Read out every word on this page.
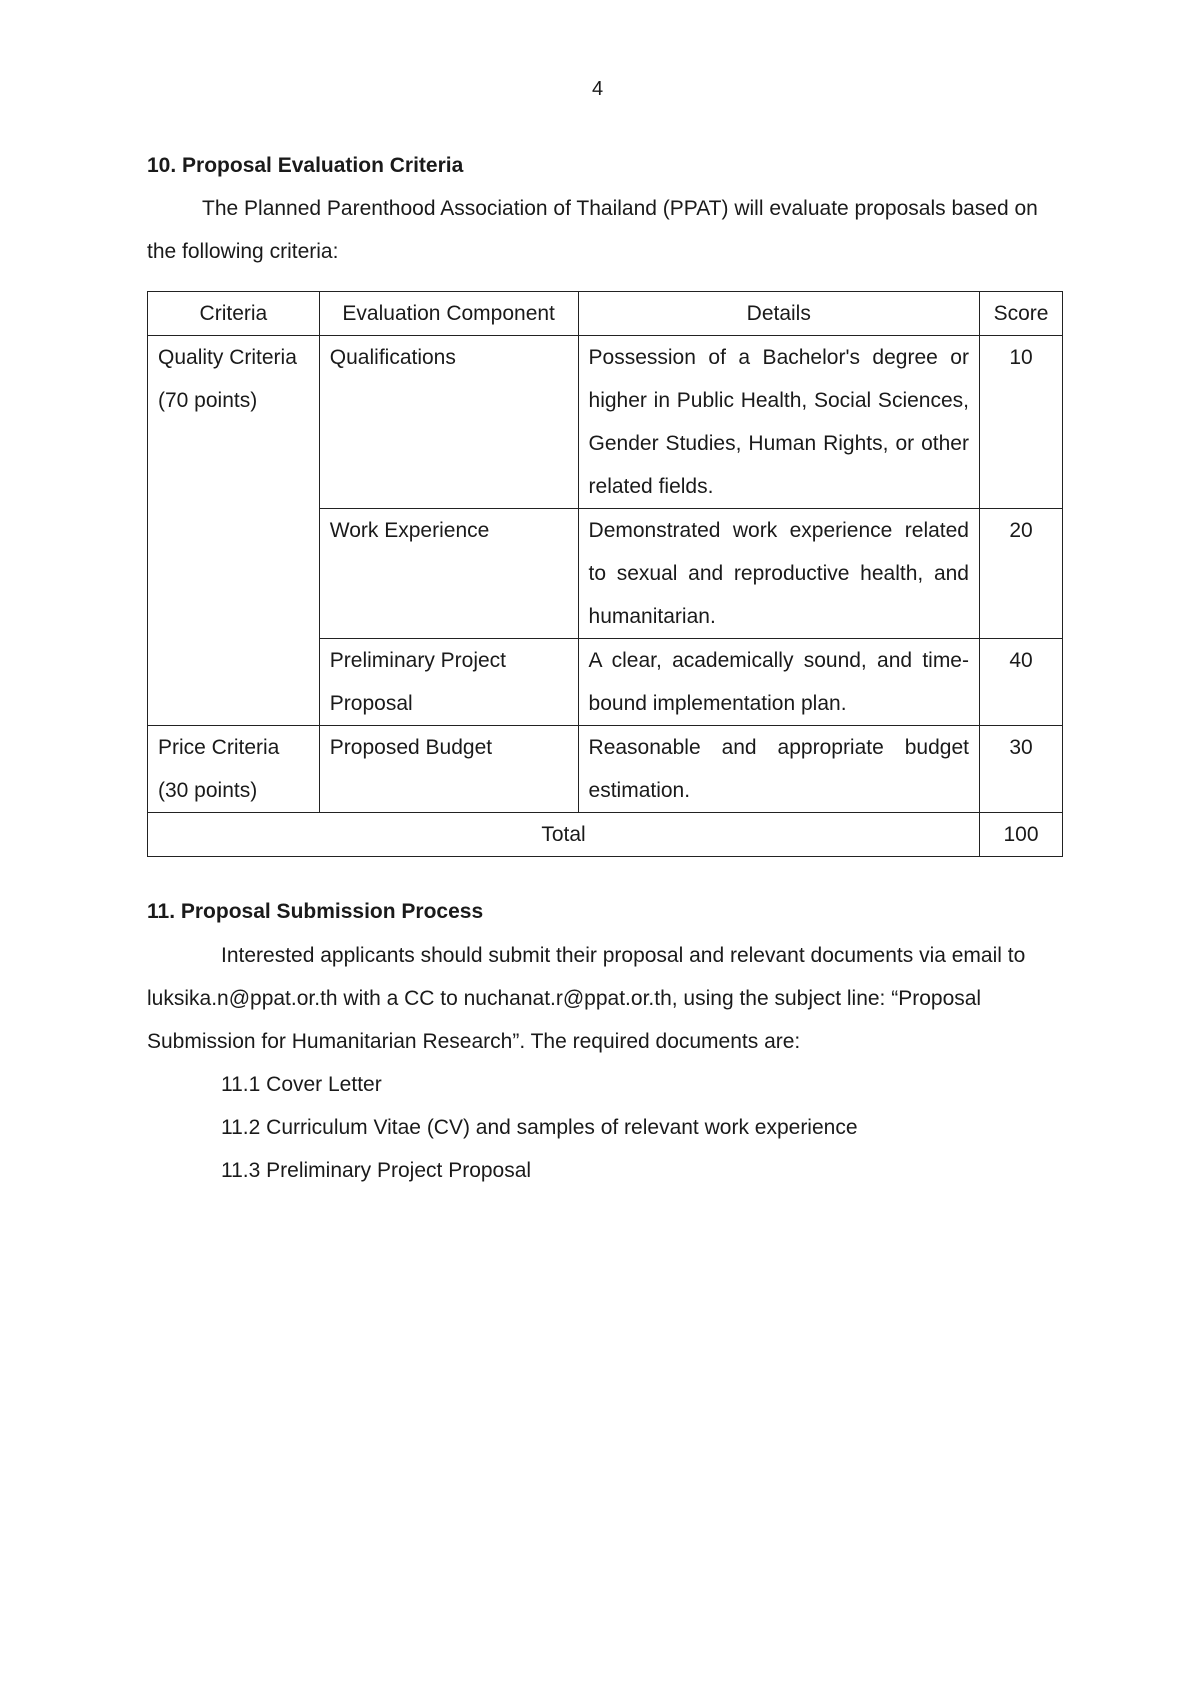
4
10. Proposal Evaluation Criteria
The Planned Parenthood Association of Thailand (PPAT) will evaluate proposals based on the following criteria:
Criteria	Evaluation Component	Details	Score
Quality Criteria (70 points)	Qualifications	Possession of a Bachelor's degree or higher in Public Health, Social Sciences, Gender Studies, Human Rights, or other related fields.	10
	Work Experience	Demonstrated work experience related to sexual and reproductive health, and humanitarian.	20
	Preliminary Project Proposal	A clear, academically sound, and time-bound implementation plan.	40
Price Criteria (30 points)	Proposed Budget	Reasonable and appropriate budget estimation.	30
Total			100
11. Proposal Submission Process
Interested applicants should submit their proposal and relevant documents via email to luksika.n@ppat.or.th with a CC to nuchanat.r@ppat.or.th, using the subject line: “Proposal Submission for Humanitarian Research”. The required documents are:
11.1 Cover Letter
11.2 Curriculum Vitae (CV) and samples of relevant work experience
11.3 Preliminary Project Proposal
